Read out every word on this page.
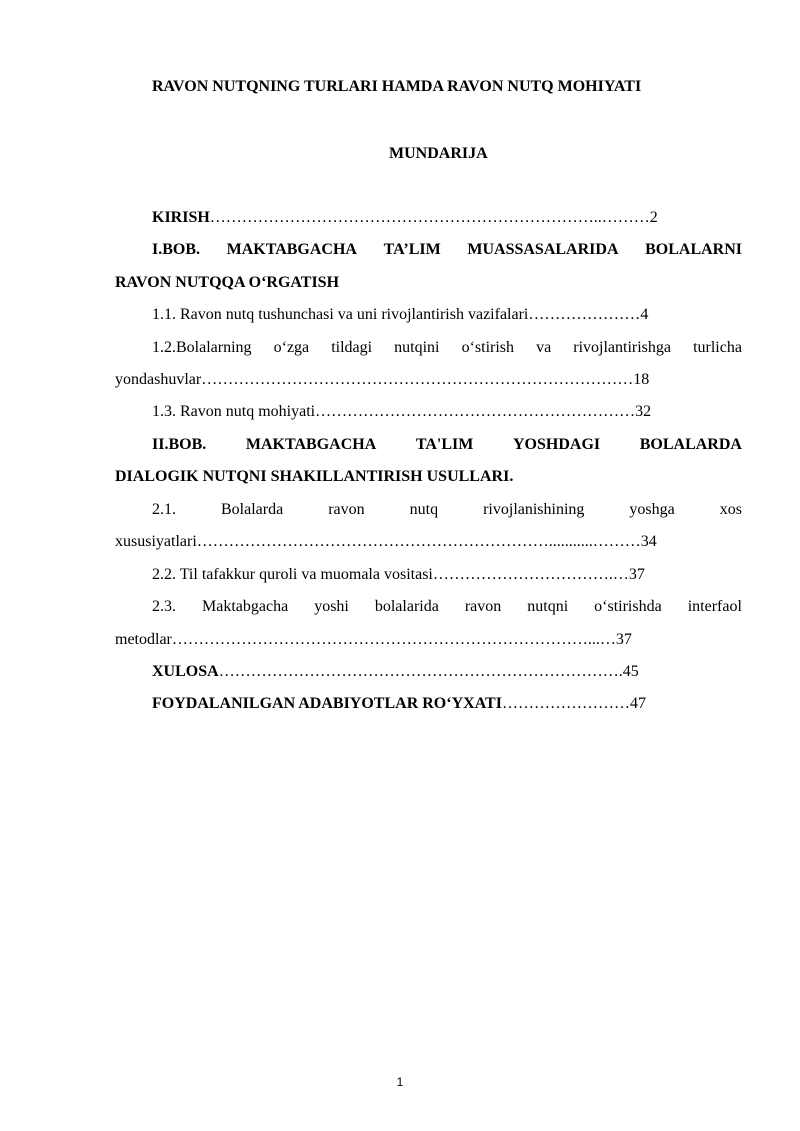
RAVON NUTQNING TURLARI HAMDA RAVON NUTQ MOHIYATI
MUNDARIJA
KIRISH………………………………………………………………..………2
I.BOB. MAKTABGACHA TA’LIM MUASSASALARIDA BOLALARNI
RAVON NUTQQA O‘RGATISH
1.1. Ravon nutq tushunchasi va uni rivojlantirish vazifalari…………………4
1.2.Bolalarning o‘zga tildagi nutqini o‘stirish va rivojlantirishga turlicha
yondashuvlar………………………………………………………………………18
1.3. Ravon nutq mohiyati……………………………………………………32
II.BOB. MAKTABGACHA TA'LIM YOSHDAGI BOLALARDA
DIALOGIK NUTQNI SHAKILLANTIRISH USULLARI.
2.1.	Bolalarda	ravon	nutq	rivojlanishining	yoshga	xos
xususiyatlari…………………………………………………………...........………34
2.2. Til tafakkur quroli va muomala vositasi…………………………….…37
2.3. Maktabgacha yoshi bolalarida ravon nutqni o‘stirishda interfaol
metodlar……………………………………………………………………...…37
XULOSA………………………………………………………………….45
FOYDALANILGAN ADABIYOTLAR RO‘YXATI……………………47
1
